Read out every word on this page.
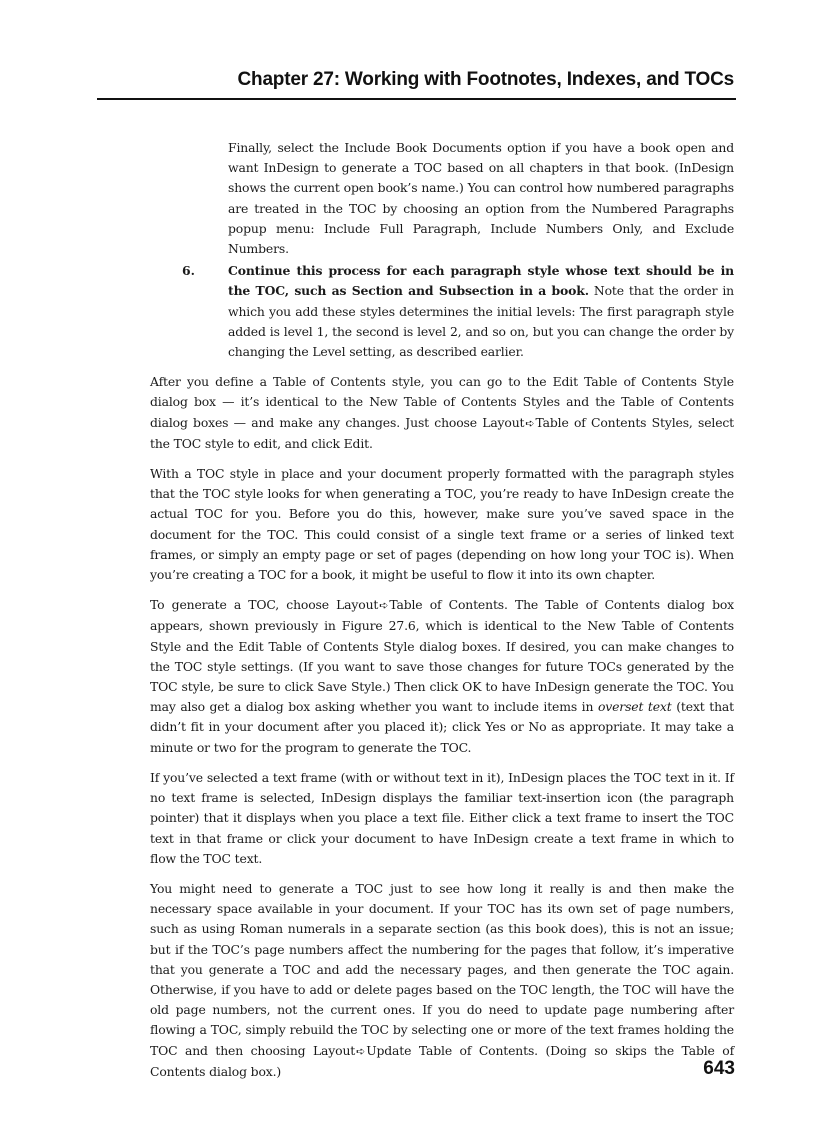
Chapter 27: Working with Footnotes, Indexes, and TOCs

Finally, select the Include Book Documents option if you have a book open and want InDesign to generate a TOC based on all chapters in that book. (InDesign shows the current open book’s name.) You can control how numbered paragraphs are treated in the TOC by choosing an option from the Numbered Paragraphs popup menu: Include Full Paragraph, Include Numbers Only, and Exclude Numbers.

6.	Continue this process for each paragraph style whose text should be in the TOC, such as Section and Subsection in a book. Note that the order in which you add these styles determines the initial levels: The first paragraph style added is level 1, the second is level 2, and so on, but you can change the order by changing the Level setting, as described earlier.

After you define a Table of Contents style, you can go to the Edit Table of Contents Style dialog box — it’s identical to the New Table of Contents Styles and the Table of Contents dialog boxes — and make any changes. Just choose Layout➪Table of Contents Styles, select the TOC style to edit, and click Edit.

With a TOC style in place and your document properly formatted with the paragraph styles that the TOC style looks for when generating a TOC, you’re ready to have InDesign create the actual TOC for you. Before you do this, however, make sure you’ve saved space in the document for the TOC. This could consist of a single text frame or a series of linked text frames, or simply an empty page or set of pages (depending on how long your TOC is). When you’re creating a TOC for a book, it might be useful to flow it into its own chapter.

To generate a TOC, choose Layout➪Table of Contents. The Table of Contents dialog box appears, shown previously in Figure 27.6, which is identical to the New Table of Contents Style and the Edit Table of Contents Style dialog boxes. If desired, you can make changes to the TOC style settings. (If you want to save those changes for future TOCs generated by the TOC style, be sure to click Save Style.) Then click OK to have InDesign generate the TOC. You may also get a dialog box asking whether you want to include items in overset text (text that didn’t fit in your document after you placed it); click Yes or No as appropriate. It may take a minute or two for the program to generate the TOC.

If you’ve selected a text frame (with or without text in it), InDesign places the TOC text in it. If no text frame is selected, InDesign displays the familiar text-insertion icon (the paragraph pointer) that it displays when you place a text file. Either click a text frame to insert the TOC text in that frame or click your document to have InDesign create a text frame in which to flow the TOC text.

You might need to generate a TOC just to see how long it really is and then make the necessary space available in your document. If your TOC has its own set of page numbers, such as using Roman numerals in a separate section (as this book does), this is not an issue; but if the TOC’s page numbers affect the numbering for the pages that follow, it’s imperative that you generate a TOC and add the necessary pages, and then generate the TOC again. Otherwise, if you have to add or delete pages based on the TOC length, the TOC will have the old page numbers, not the current ones. If you do need to update page numbering after flowing a TOC, simply rebuild the TOC by selecting one or more of the text frames holding the TOC and then choosing Layout➪Update Table of Contents. (Doing so skips the Table of Contents dialog box.)	643
